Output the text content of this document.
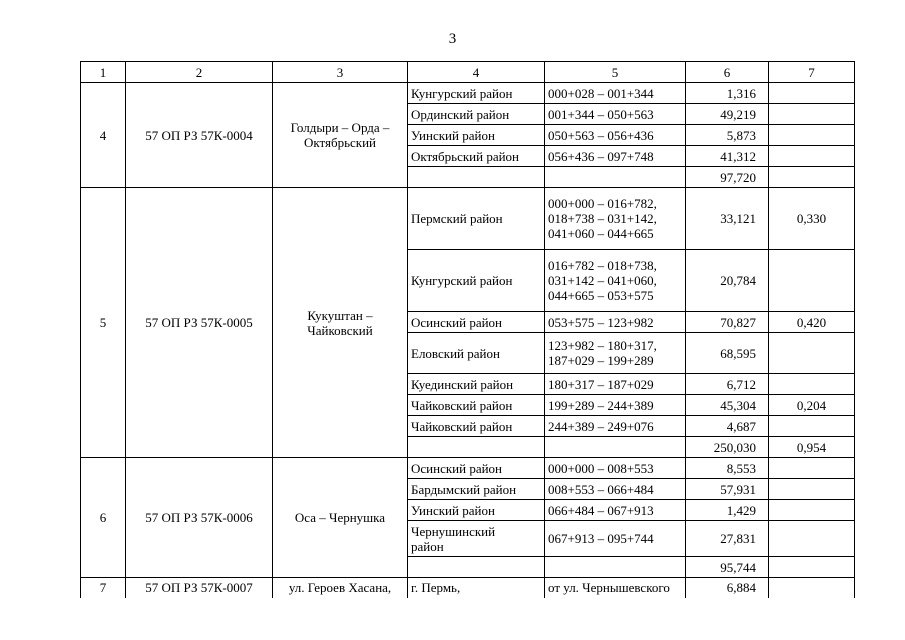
3
1	2	3	4	5	6	7
4	57 ОП РЗ 57К-0004	Голдыри – Орда –
Октябрьский	Кунгурский район	000+028 – 001+344	1,316	
			Ординский район	001+344 – 050+563	49,219	
			Уинский район	050+563 – 056+436	5,873	
			Октябрьский район	056+436 – 097+748	41,312	
					97,720	
5	57 ОП РЗ 57К-0005	Кукуштан –
Чайковский	Пермский район	000+000 – 016+782,
018+738 – 031+142,
041+060 – 044+665	33,121	0,330
			Кунгурский район	016+782 – 018+738,
031+142 – 041+060,
044+665 – 053+575	20,784	
			Осинский район	053+575 – 123+982	70,827	0,420
			Еловский район	123+982 – 180+317,
187+029 – 199+289	68,595	
			Куединский район	180+317 – 187+029	6,712	
			Чайковский район	199+289 – 244+389	45,304	0,204
			Чайковский район	244+389 – 249+076	4,687	
					250,030	0,954
6	57 ОП РЗ 57К-0006	Оса – Чернушка	Осинский район	000+000 – 008+553	8,553	
			Бардымский район	008+553 – 066+484	57,931	
			Уинский район	066+484 – 067+913	1,429	
			Чернушинский
район	067+913 – 095+744	27,831	
					95,744	
7	57 ОП РЗ 57К-0007	ул. Героев Хасана,	г. Пермь,	от ул. Чернышевского	6,884	
